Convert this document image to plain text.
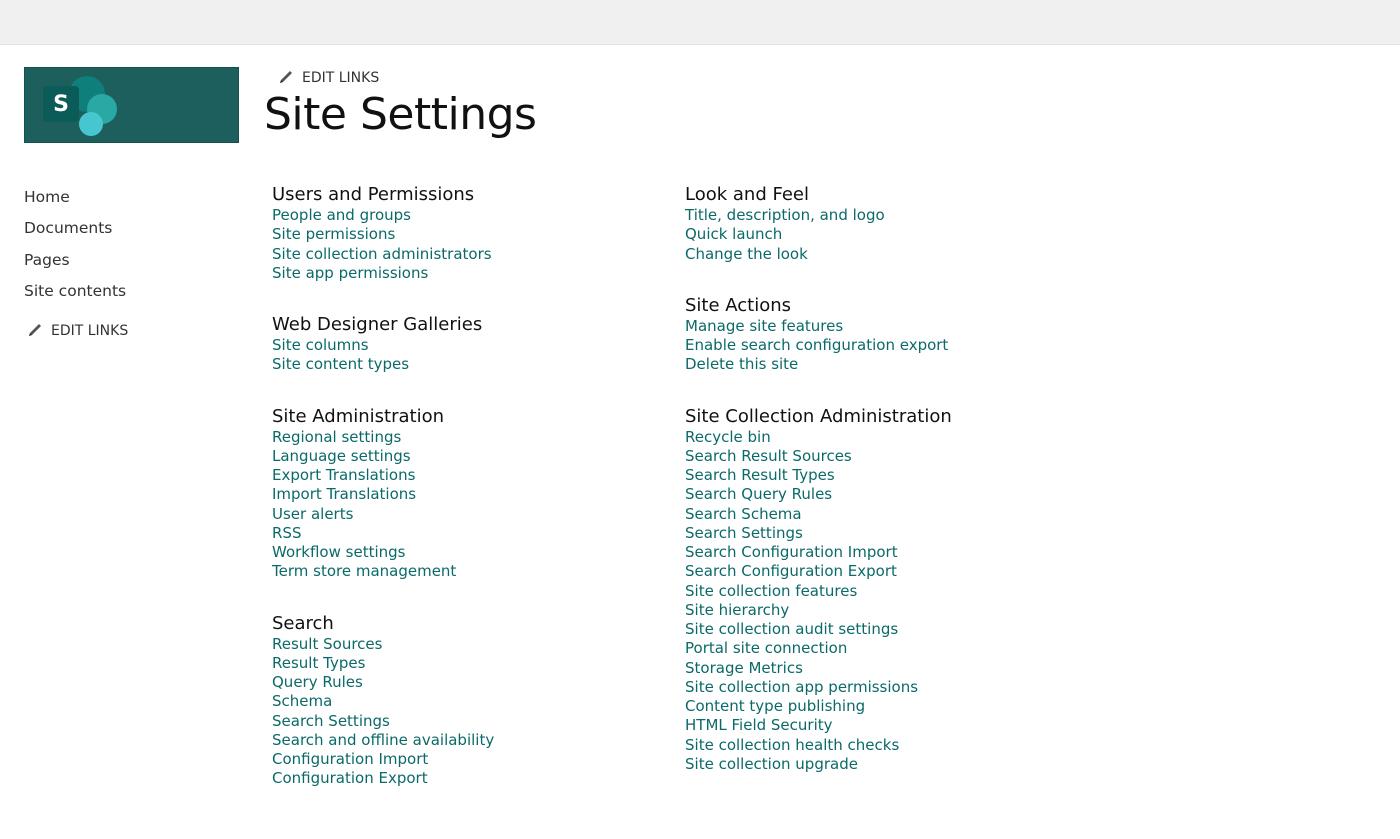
S
EDIT LINKS
Site Settings
Home
Documents
Pages
Site contents
EDIT LINKS
Users and Permissions
People and groups
Site permissions
Site collection administrators
Site app permissions
Web Designer Galleries
Site columns
Site content types
Site Administration
Regional settings
Language settings
Export Translations
Import Translations
User alerts
RSS
Workflow settings
Term store management
Search
Result Sources
Result Types
Query Rules
Schema
Search Settings
Search and offline availability
Configuration Import
Configuration Export
Look and Feel
Title, description, and logo
Quick launch
Change the look
Site Actions
Manage site features
Enable search configuration export
Delete this site
Site Collection Administration
Recycle bin
Search Result Sources
Search Result Types
Search Query Rules
Search Schema
Search Settings
Search Configuration Import
Search Configuration Export
Site collection features
Site hierarchy
Site collection audit settings
Portal site connection
Storage Metrics
Site collection app permissions
Content type publishing
HTML Field Security
Site collection health checks
Site collection upgrade
